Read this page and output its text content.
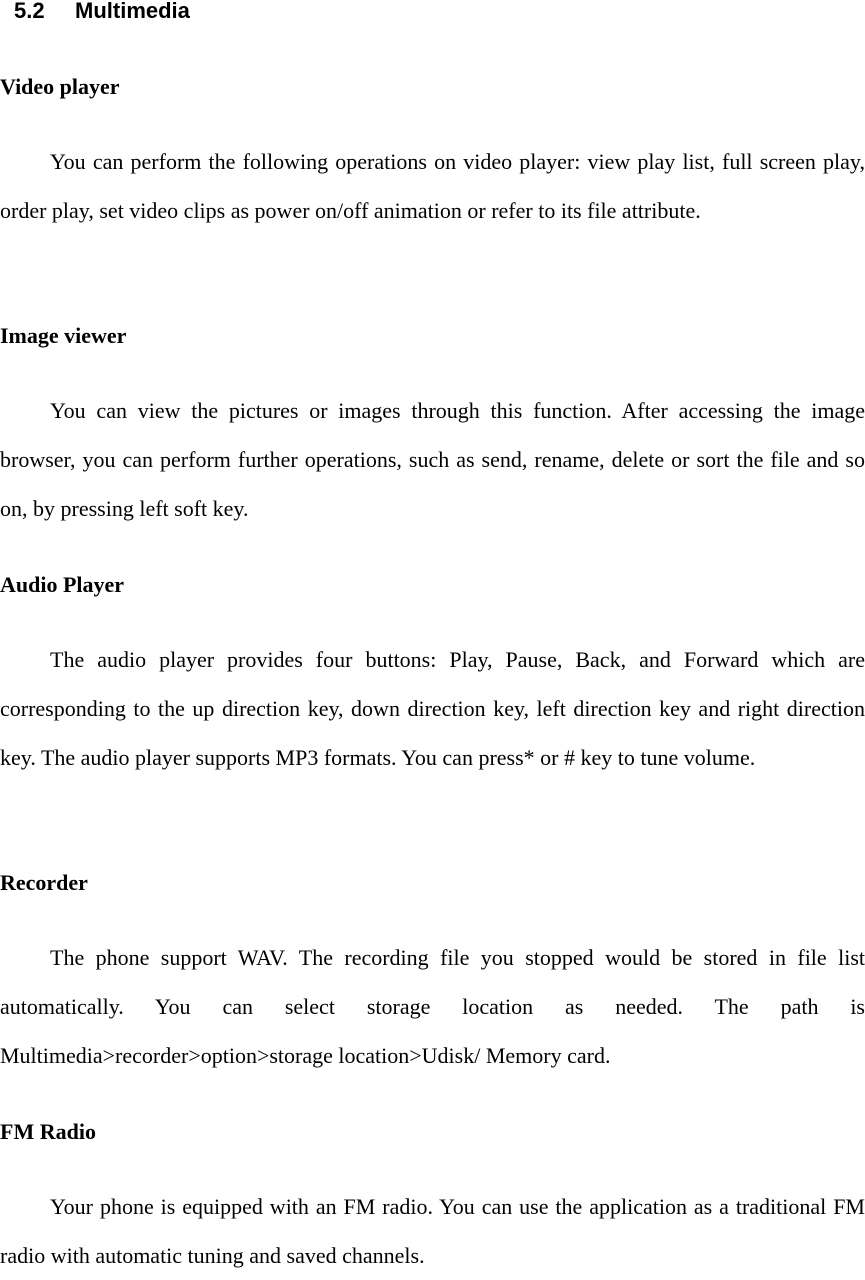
5.2 Multimedia
Video player

You can perform the following operations on video player: view play list, full screen play, order play, set video clips as power on/off animation or refer to its file attribute.

Image viewer

You can view the pictures or images through this function. After accessing the image browser, you can perform further operations, such as send, rename, delete or sort the file and so on, by pressing left soft key.

Audio Player

The audio player provides four buttons: Play, Pause, Back, and Forward which are corresponding to the up direction key, down direction key, left direction key and right direction key. The audio player supports MP3 formats. You can press* or # key to tune volume.

Recorder

The phone support WAV. The recording file you stopped would be stored in file list automatically. You can select storage location as needed. The path is Multimedia>recorder>option>storage location>Udisk/ Memory card.

FM Radio

Your phone is equipped with an FM radio. You can use the application as a traditional FM radio with automatic tuning and saved channels.
